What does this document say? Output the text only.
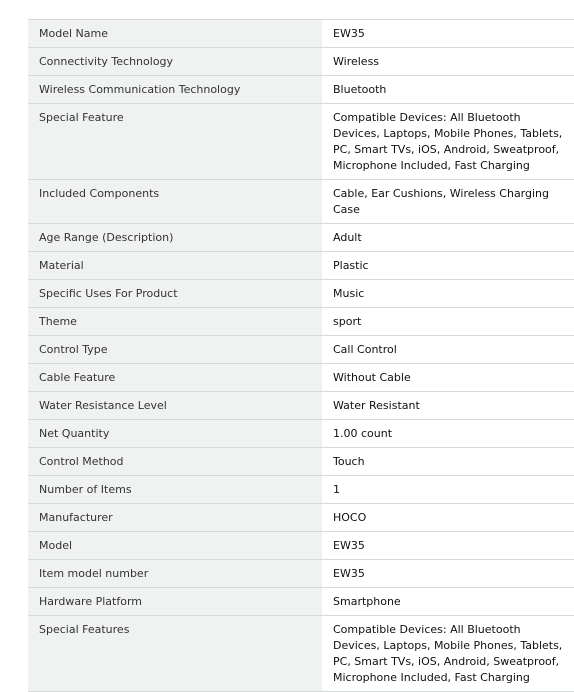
Model Name	EW35
Connectivity Technology	Wireless
Wireless Communication Technology	Bluetooth
Special Feature	Compatible Devices: All Bluetooth Devices, Laptops, Mobile Phones, Tablets, PC, Smart TVs, iOS, Android, Sweatproof, Microphone Included, Fast Charging
Included Components	Cable, Ear Cushions, Wireless Charging Case
Age Range (Description)	Adult
Material	Plastic
Specific Uses For Product	Music
Theme	sport
Control Type	Call Control
Cable Feature	Without Cable
Water Resistance Level	Water Resistant
Net Quantity	1.00 count
Control Method	Touch
Number of Items	1
Manufacturer	HOCO
Model	EW35
Item model number	EW35
Hardware Platform	Smartphone
Special Features	Compatible Devices: All Bluetooth Devices, Laptops, Mobile Phones, Tablets, PC, Smart TVs, iOS, Android, Sweatproof, Microphone Included, Fast Charging
